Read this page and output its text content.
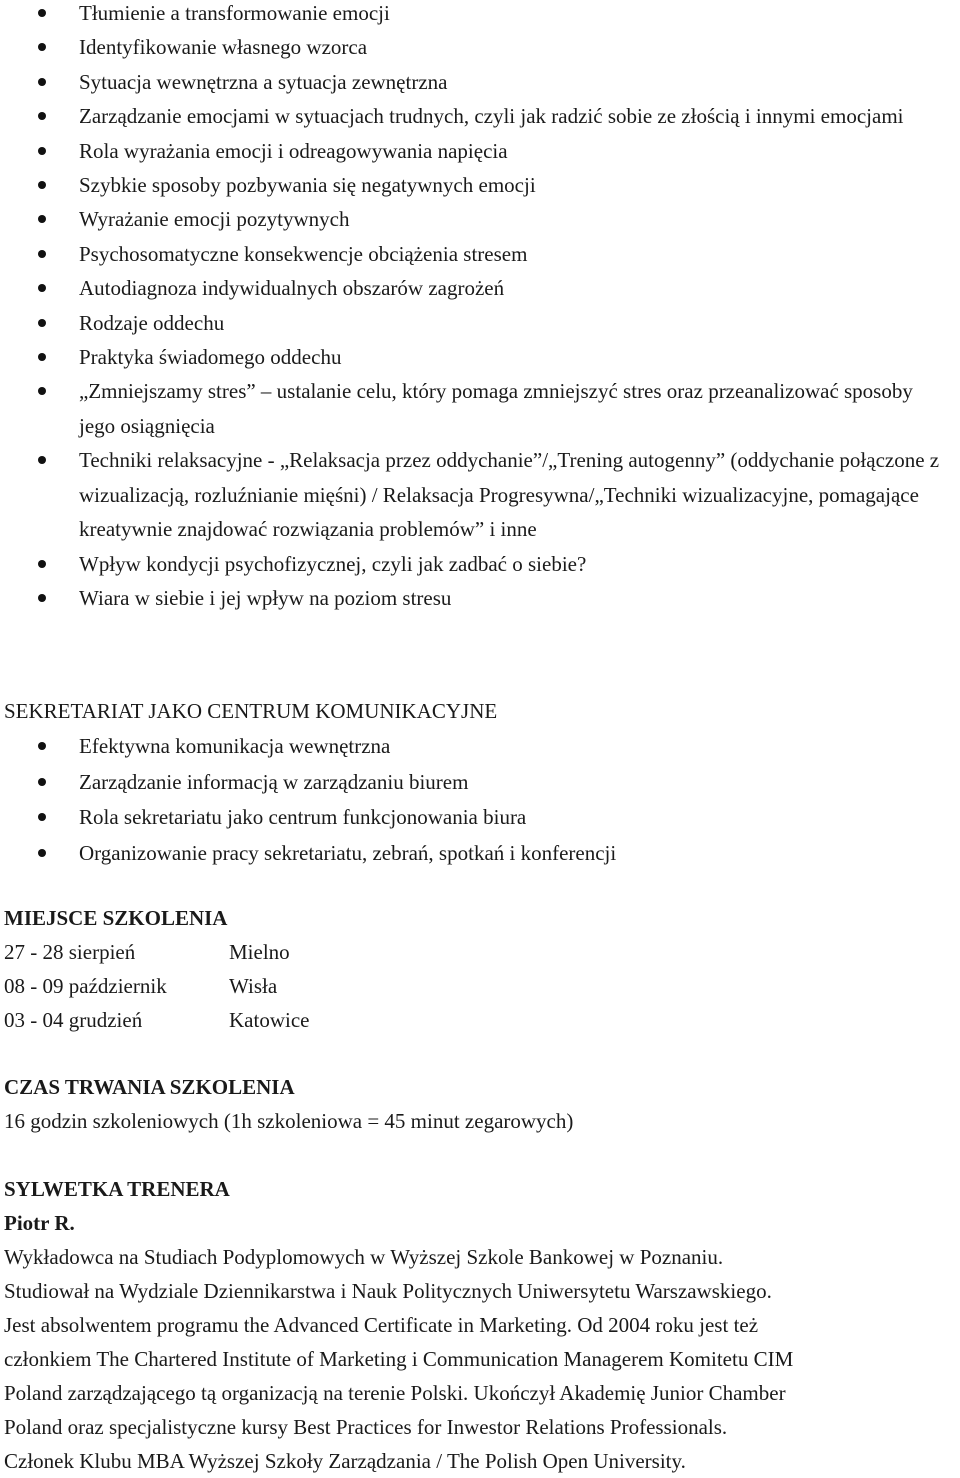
Tłumienie a transformowanie emocji
Identyfikowanie własnego wzorca
Sytuacja wewnętrzna a sytuacja zewnętrzna
Zarządzanie emocjami w sytuacjach trudnych, czyli jak radzić sobie ze złością i innymi emocjami
Rola wyrażania emocji i odreagowywania napięcia
Szybkie sposoby pozbywania się negatywnych emocji
Wyrażanie emocji pozytywnych
Psychosomatyczne konsekwencje obciążenia stresem
Autodiagnoza indywidualnych obszarów zagrożeń
Rodzaje oddechu
Praktyka świadomego oddechu
„Zmniejszamy stres” – ustalanie celu, który pomaga zmniejszyć stres oraz przeanalizować sposoby jego osiągnięcia
Techniki relaksacyjne - „Relaksacja przez oddychanie”/„Trening autogenny” (oddychanie połączone z wizualizacją, rozluźnianie mięśni) / Relaksacja Progresywna/„Techniki wizualizacyjne, pomagające kreatywnie znajdować rozwiązania problemów” i inne
Wpływ kondycji psychofizycznej, czyli jak zadbać o siebie?
Wiara w siebie i jej wpływ na poziom stresu
SEKRETARIAT JAKO CENTRUM KOMUNIKACYJNE
Efektywna komunikacja wewnętrzna
Zarządzanie informacją w zarządzaniu biurem
Rola sekretariatu jako centrum funkcjonowania biura
Organizowanie pracy sekretariatu, zebrań, spotkań i konferencji
MIEJSCE SZKOLENIA
27 - 28 sierpień	Mielno
08 - 09 październik	Wisła
03 - 04 grudzień	Katowice
CZAS TRWANIA SZKOLENIA
16 godzin szkoleniowych (1h szkoleniowa = 45 minut zegarowych)
SYLWETKA TRENERA
Piotr R.
Wykładowca na Studiach Podyplomowych w Wyższej Szkole Bankowej w Poznaniu.
Studiował na Wydziale Dziennikarstwa i Nauk Politycznych Uniwersytetu Warszawskiego.
Jest absolwentem programu the Advanced Certificate in Marketing. Od 2004 roku jest też
członkiem The Chartered Institute of Marketing i Communication Managerem Komitetu CIM
Poland zarządzającego tą organizacją na terenie Polski. Ukończył Akademię Junior Chamber
Poland oraz specjalistyczne kursy Best Practices for Inwestor Relations Professionals.
Członek Klubu MBA Wyższej Szkoły Zarządzania / The Polish Open University.
